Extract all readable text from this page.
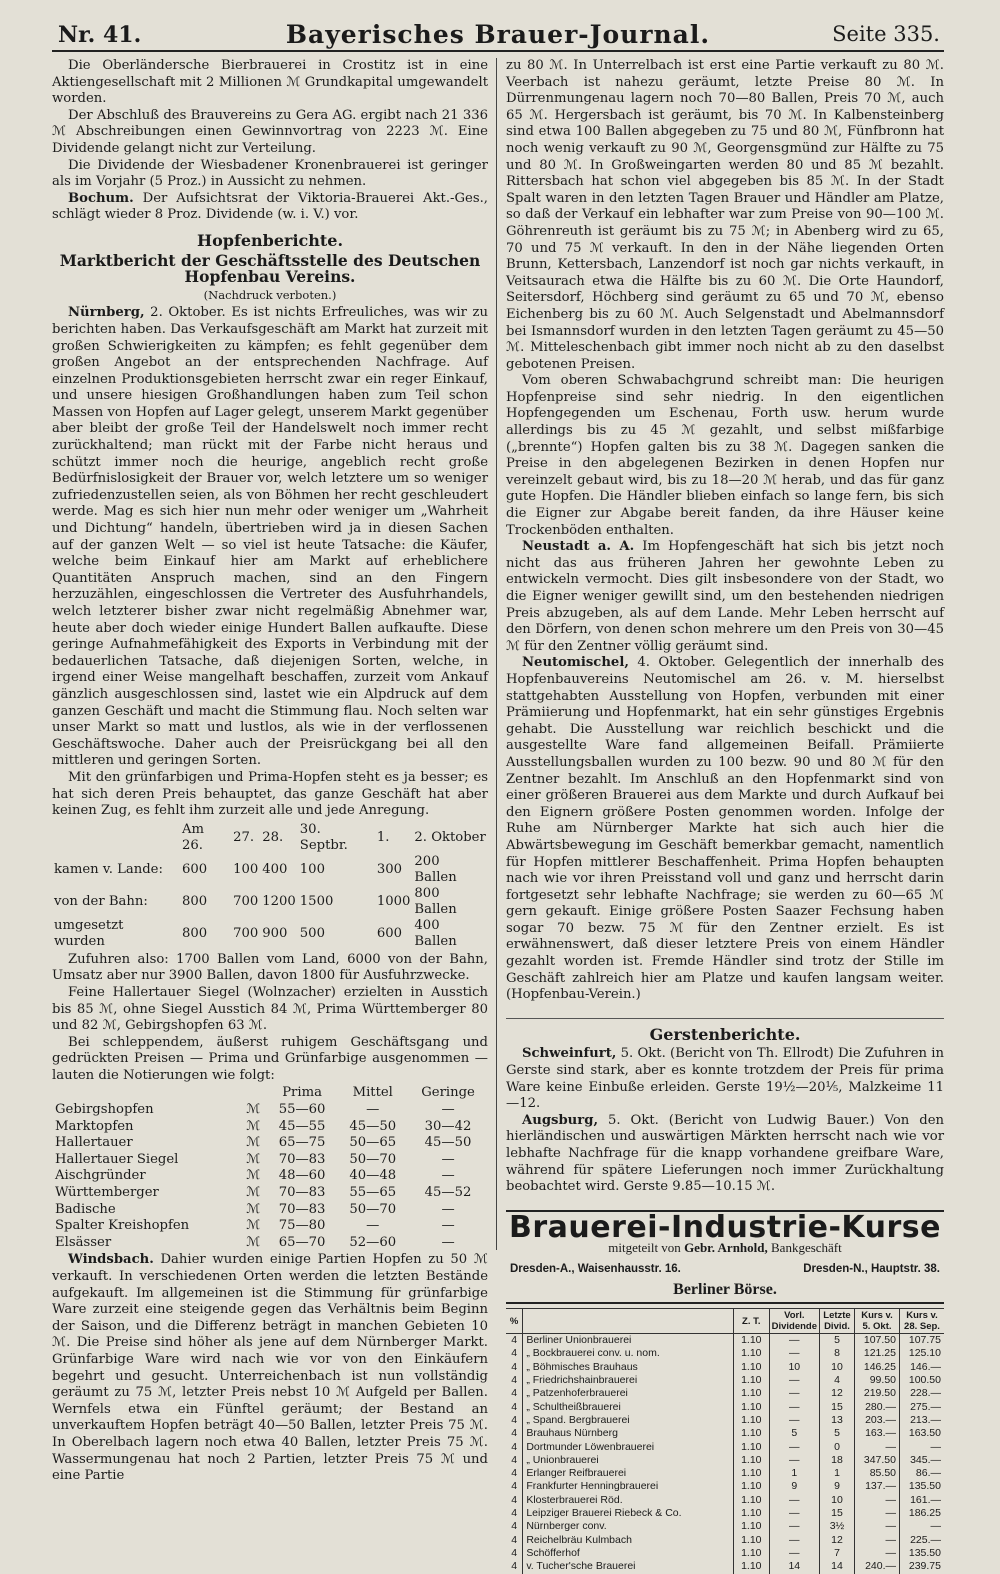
Nr. 41.	Bayerisches Brauer-Journal.	Seite 335.

Die Oberländersche Bierbrauerei in Crostitz ist in eine Aktiengesellschaft mit 2 Millionen ℳ Grundkapital umgewandelt worden.

Der Abschluß des Brauvereins zu Gera AG. ergibt nach 21 336 ℳ Abschreibungen einen Gewinnvortrag von 2223 ℳ. Eine Dividende gelangt nicht zur Verteilung.

Die Dividende der Wiesbadener Kronenbrauerei ist geringer als im Vorjahr (5 Proz.) in Aussicht zu nehmen.

Bochum. Der Aufsichtsrat der Viktoria-Brauerei Akt.-Ges., schlägt wieder 8 Proz. Dividende (w. i. V.) vor.

Hopfenberichte.
Marktbericht der Geschäftsstelle des Deutschen Hopfenbau Vereins.
(Nachdruck verboten.)

Nürnberg, 2. Oktober. Es ist nichts Erfreuliches, was wir zu berichten haben. Das Verkaufsgeschäft am Markt hat zurzeit mit großen Schwierigkeiten zu kämpfen; es fehlt gegenüber dem großen Angebot an der entsprechenden Nachfrage. Auf einzelnen Produktionsgebieten herrscht zwar ein reger Einkauf, und unsere hiesigen Großhandlungen haben zum Teil schon Massen von Hopfen auf Lager gelegt, unserem Markt gegenüber aber bleibt der große Teil der Handelswelt noch immer recht zurückhaltend; man rückt mit der Farbe nicht heraus und schützt immer noch die heurige, angeblich recht große Bedürfnislosigkeit der Brauer vor, welch letztere um so weniger zufriedenzustellen seien, als von Böhmen her recht geschleudert werde. Mag es sich hier nun mehr oder weniger um „Wahrheit und Dichtung“ handeln, übertrieben wird ja in diesen Sachen auf der ganzen Welt — so viel ist heute Tatsache: die Käufer, welche beim Einkauf hier am Markt auf erheblichere Quantitäten Anspruch machen, sind an den Fingern herzuzählen, eingeschlossen die Vertreter des Ausfuhrhandels, welch letzterer bisher zwar nicht regelmäßig Abnehmer war, heute aber doch wieder einige Hundert Ballen aufkaufte. Diese geringe Aufnahmefähigkeit des Exports in Verbindung mit der bedauerlichen Tatsache, daß diejenigen Sorten, welche, in irgend einer Weise mangelhaft beschaffen, zurzeit vom Ankauf gänzlich ausgeschlossen sind, lastet wie ein Alpdruck auf dem ganzen Geschäft und macht die Stimmung flau. Noch selten war unser Markt so matt und lustlos, als wie in der verflossenen Geschäftswoche. Daher auch der Preisrückgang bei all den mittleren und geringen Sorten.

Mit den grünfarbigen und Prima-Hopfen steht es ja besser; es hat sich deren Preis behauptet, das ganze Geschäft hat aber keinen Zug, es fehlt ihm zurzeit alle und jede Anregung.

	Am 26.	27.	28.	30. Septbr.	1.	2. Oktober
kamen v. Lande:	600	100	400	100	300	200 Ballen
von der Bahn:	800	700	1200	1500	1000	800 Ballen
umgesetzt wurden	800	700	900	500	600	400 Ballen

Zufuhren also: 1700 Ballen vom Land, 6000 von der Bahn, Umsatz aber nur 3900 Ballen, davon 1800 für Ausfuhrzwecke.

Feine Hallertauer Siegel (Wolnzacher) erzielten in Ausstich bis 85 ℳ, ohne Siegel Ausstich 84 ℳ, Prima Württemberger 80 und 82 ℳ, Gebirgshopfen 63 ℳ.

Bei schleppendem, äußerst ruhigem Geschäftsgang und gedrückten Preisen — Prima und Grünfarbige ausgenommen — lauten die Notierungen wie folgt:

		Prima	Mittel	Geringe
Gebirgshopfen	ℳ	55—60	—	—
Marktopfen	ℳ	45—55	45—50	30—42
Hallertauer	ℳ	65—75	50—65	45—50
Hallertauer Siegel	ℳ	70—83	50—70	—
Aischgründer	ℳ	48—60	40—48	—
Württemberger	ℳ	70—83	55—65	45—52
Badische	ℳ	70—83	50—70	—
Spalter Kreishopfen	ℳ	75—80	—	—
Elsässer	ℳ	65—70	52—60	—

Windsbach. Dahier wurden einige Partien Hopfen zu 50 ℳ verkauft. In verschiedenen Orten werden die letzten Bestände aufgekauft. Im allgemeinen ist die Stimmung für grünfarbige Ware zurzeit eine steigende gegen das Verhältnis beim Beginn der Saison, und die Differenz beträgt in manchen Gebieten 10 ℳ. Die Preise sind höher als jene auf dem Nürnberger Markt. Grünfarbige Ware wird nach wie vor von den Einkäufern begehrt und gesucht. Unterreichenbach ist nun vollständig geräumt zu 75 ℳ, letzter Preis nebst 10 ℳ Aufgeld per Ballen. Wernfels etwa ein Fünftel geräumt; der Bestand an unverkauftem Hopfen beträgt 40—50 Ballen, letzter Preis 75 ℳ. In Oberelbach lagern noch etwa 40 Ballen, letzter Preis 75 ℳ. Wassermungenau hat noch 2 Partien, letzter Preis 75 ℳ und eine Partie

zu 80 ℳ. In Unterrelbach ist erst eine Partie verkauft zu 80 ℳ. Veerbach ist nahezu geräumt, letzte Preise 80 ℳ. In Dürrenmungenau lagern noch 70—80 Ballen, Preis 70 ℳ, auch 65 ℳ. Hergersbach ist geräumt, bis 70 ℳ. In Kalbensteinberg sind etwa 100 Ballen abgegeben zu 75 und 80 ℳ, Fünfbronn hat noch wenig verkauft zu 90 ℳ, Georgensgmünd zur Hälfte zu 75 und 80 ℳ. In Großweingarten werden 80 und 85 ℳ bezahlt. Rittersbach hat schon viel abgegeben bis 85 ℳ. In der Stadt Spalt waren in den letzten Tagen Brauer und Händler am Platze, so daß der Verkauf ein lebhafter war zum Preise von 90—100 ℳ. Göhrenreuth ist geräumt bis zu 75 ℳ; in Abenberg wird zu 65, 70 und 75 ℳ verkauft. In den in der Nähe liegenden Orten Brunn, Kettersbach, Lanzendorf ist noch gar nichts verkauft, in Veitsaurach etwa die Hälfte bis zu 60 ℳ. Die Orte Haundorf, Seitersdorf, Höchberg sind geräumt zu 65 und 70 ℳ, ebenso Eichenberg bis zu 60 ℳ. Auch Selgenstadt und Abelmannsdorf bei Ismannsdorf wurden in den letzten Tagen geräumt zu 45—50 ℳ. Mitteleschenbach gibt immer noch nicht ab zu den daselbst gebotenen Preisen.

Vom oberen Schwabachgrund schreibt man: Die heurigen Hopfenpreise sind sehr niedrig. In den eigentlichen Hopfengegenden um Eschenau, Forth usw. herum wurde allerdings bis zu 45 ℳ gezahlt, und selbst mißfarbige („brennte“) Hopfen galten bis zu 38 ℳ. Dagegen sanken die Preise in den abgelegenen Bezirken in denen Hopfen nur vereinzelt gebaut wird, bis zu 18—20 ℳ herab, und das für ganz gute Hopfen. Die Händler blieben einfach so lange fern, bis sich die Eigner zur Abgabe bereit fanden, da ihre Häuser keine Trockenböden enthalten.

Neustadt a. A. Im Hopfengeschäft hat sich bis jetzt noch nicht das aus früheren Jahren her gewohnte Leben zu entwickeln vermocht. Dies gilt insbesondere von der Stadt, wo die Eigner weniger gewillt sind, um den bestehenden niedrigen Preis abzugeben, als auf dem Lande. Mehr Leben herrscht auf den Dörfern, von denen schon mehrere um den Preis von 30—45 ℳ für den Zentner völlig geräumt sind.

Neutomischel, 4. Oktober. Gelegentlich der innerhalb des Hopfenbauvereins Neutomischel am 26. v. M. hierselbst stattgehabten Ausstellung von Hopfen, verbunden mit einer Prämiierung und Hopfenmarkt, hat ein sehr günstiges Ergebnis gehabt. Die Ausstellung war reichlich beschickt und die ausgestellte Ware fand allgemeinen Beifall. Prämiierte Ausstellungsballen wurden zu 100 bezw. 90 und 80 ℳ für den Zentner bezahlt. Im Anschluß an den Hopfenmarkt sind von einer größeren Brauerei aus dem Markte und durch Aufkauf bei den Eignern größere Posten genommen worden. Infolge der Ruhe am Nürnberger Markte hat sich auch hier die Abwärtsbewegung im Geschäft bemerkbar gemacht, namentlich für Hopfen mittlerer Beschaffenheit. Prima Hopfen behaupten nach wie vor ihren Preisstand voll und ganz und herrscht darin fortgesetzt sehr lebhafte Nachfrage; sie werden zu 60—65 ℳ gern gekauft. Einige größere Posten Saazer Fechsung haben sogar 70 bezw. 75 ℳ für den Zentner erzielt. Es ist erwähnenswert, daß dieser letztere Preis von einem Händler gezahlt worden ist. Fremde Händler sind trotz der Stille im Geschäft zahlreich hier am Platze und kaufen langsam weiter. (Hopfenbau-Verein.)

Gerstenberichte.

Schweinfurt, 5. Okt. (Bericht von Th. Ellrodt) Die Zufuhren in Gerste sind stark, aber es konnte trotzdem der Preis für prima Ware keine Einbuße erleiden. Gerste 19½—20⅕, Malzkeime 11—12.

Augsburg, 5. Okt. (Bericht von Ludwig Bauer.) Von den hierländischen und auswärtigen Märkten herrscht nach wie vor lebhafte Nachfrage für die knapp vorhandene greifbare Ware, während für spätere Lieferungen noch immer Zurückhaltung beobachtet wird. Gerste 9.85—10.15 ℳ.

Brauerei-Industrie-Kurse
mitgeteilt von Gebr. Arnhold, Bankgeschäft
Dresden-A., Waisenhausstr. 16.	Dresden-N., Hauptstr. 38.
Berliner Börse.
%		Z. T.	Vorl. Dividende	Letzte Divid.	Kurs v. 5. Okt.	Kurs v. 28. Sep.
4	Berliner Unionbrauerei	1.10	—	5	107.50	107.75
4	„ Bockbrauerei conv. u. nom.	1.10	—	8	121.25	125.10
4	„ Böhmisches Brauhaus	1.10	10	10	146.25	146.—
4	„ Friedrichshainbrauerei	1.10	—	4	99.50	100.50
4	„ Patzenhoferbrauerei	1.10	—	12	219.50	228.—
4	„ Schultheißbrauerei	1.10	—	15	280.—	275.—
4	„ Spand. Bergbrauerei	1.10	—	13	203.—	213.—
4	Brauhaus Nürnberg	1.10	5	5	163.—	163.50
4	Dortmunder Löwenbrauerei	1.10	—	0	—	—
4	„ Unionbrauerei	1.10	—	18	347.50	345.—
4	Erlanger Reifbrauerei	1.10	1	1	85.50	86.—
4	Frankfurter Henningbrauerei	1.10	9	9	137.—	135.50
4	Klosterbrauerei Röd.	1.10	—	10	—	161.—
4	Leipziger Brauerei Riebeck & Co.	1.10	—	15	—	186.25
4	Nürnberger conv.	1.10	—	3½	—	—
4	Reichelbräu Kulmbach	1.10	—	12	—	225.—
4	Schöfferhof	1.10	—	7	—	135.50
4	v. Tucher'sche Brauerei	1.10	14	14	240.—	239.75
